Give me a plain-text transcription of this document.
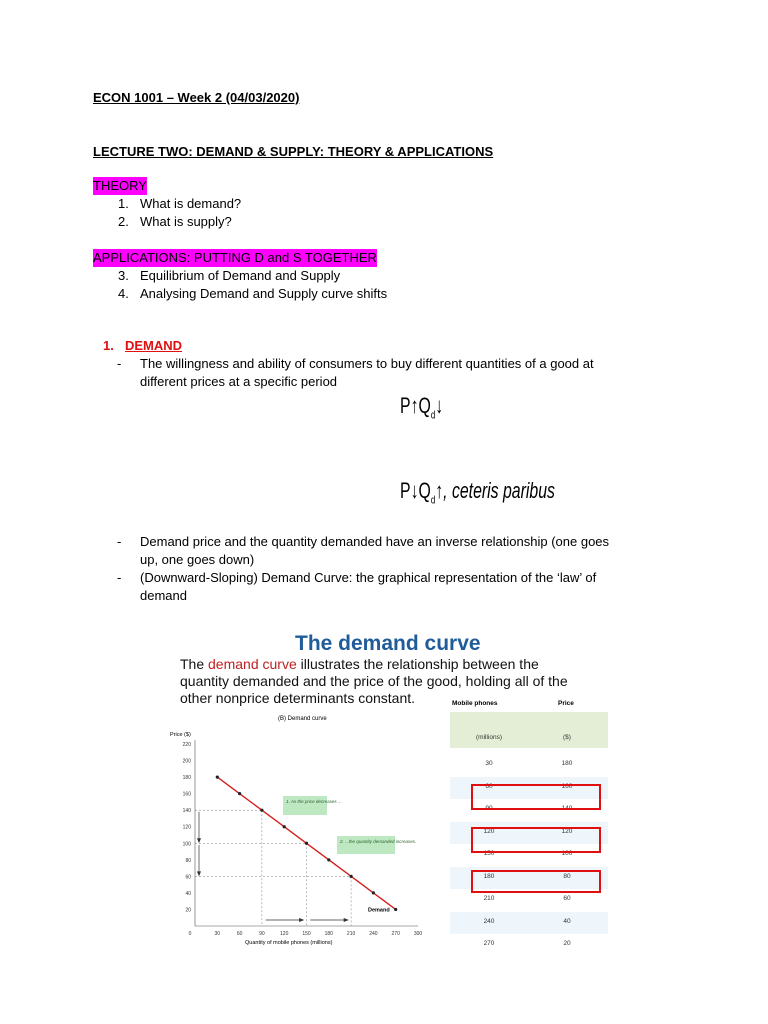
ECON 1001 – Week 2 (04/03/2020)
LECTURE TWO: DEMAND & SUPPLY: THEORY & APPLICATIONS
THEORY
1. What is demand?
2. What is supply?
APPLICATIONS: PUTTING D and S TOGETHER
3. Equilibrium of Demand and Supply
4. Analysing Demand and Supply curve shifts
1. DEMAND
- The willingness and ability of consumers to buy different quantities of a good at
different prices at a specific period
$P↑Q_d↓$
$P↓Q_d↑$, ceteris paribus
- Demand price and the quantity demanded have an inverse relationship (one goes
up, one goes down)
- (Downward-Sloping) Demand Curve: the graphical representation of the ‘law’ of
demand
The demand curve
The demand curve illustrates the relationship between the
quantity demanded and the price of the good, holding all of the
other nonprice determinants constant.
(B) Demand curve
Price ($)
Quantity of mobile phones (millions)
20
40
60
80
100
120
140
160
180
200
220
0	30	60	90	120	150	180	210	240	270	300
Demand
1. As the price decreases ...
2. ...the quantity demanded increases.
Mobile phones	Price
(millions)	($)
30	180
60	160
90	140
120	120
150	100
180	80
210	60
240	40
270	20
